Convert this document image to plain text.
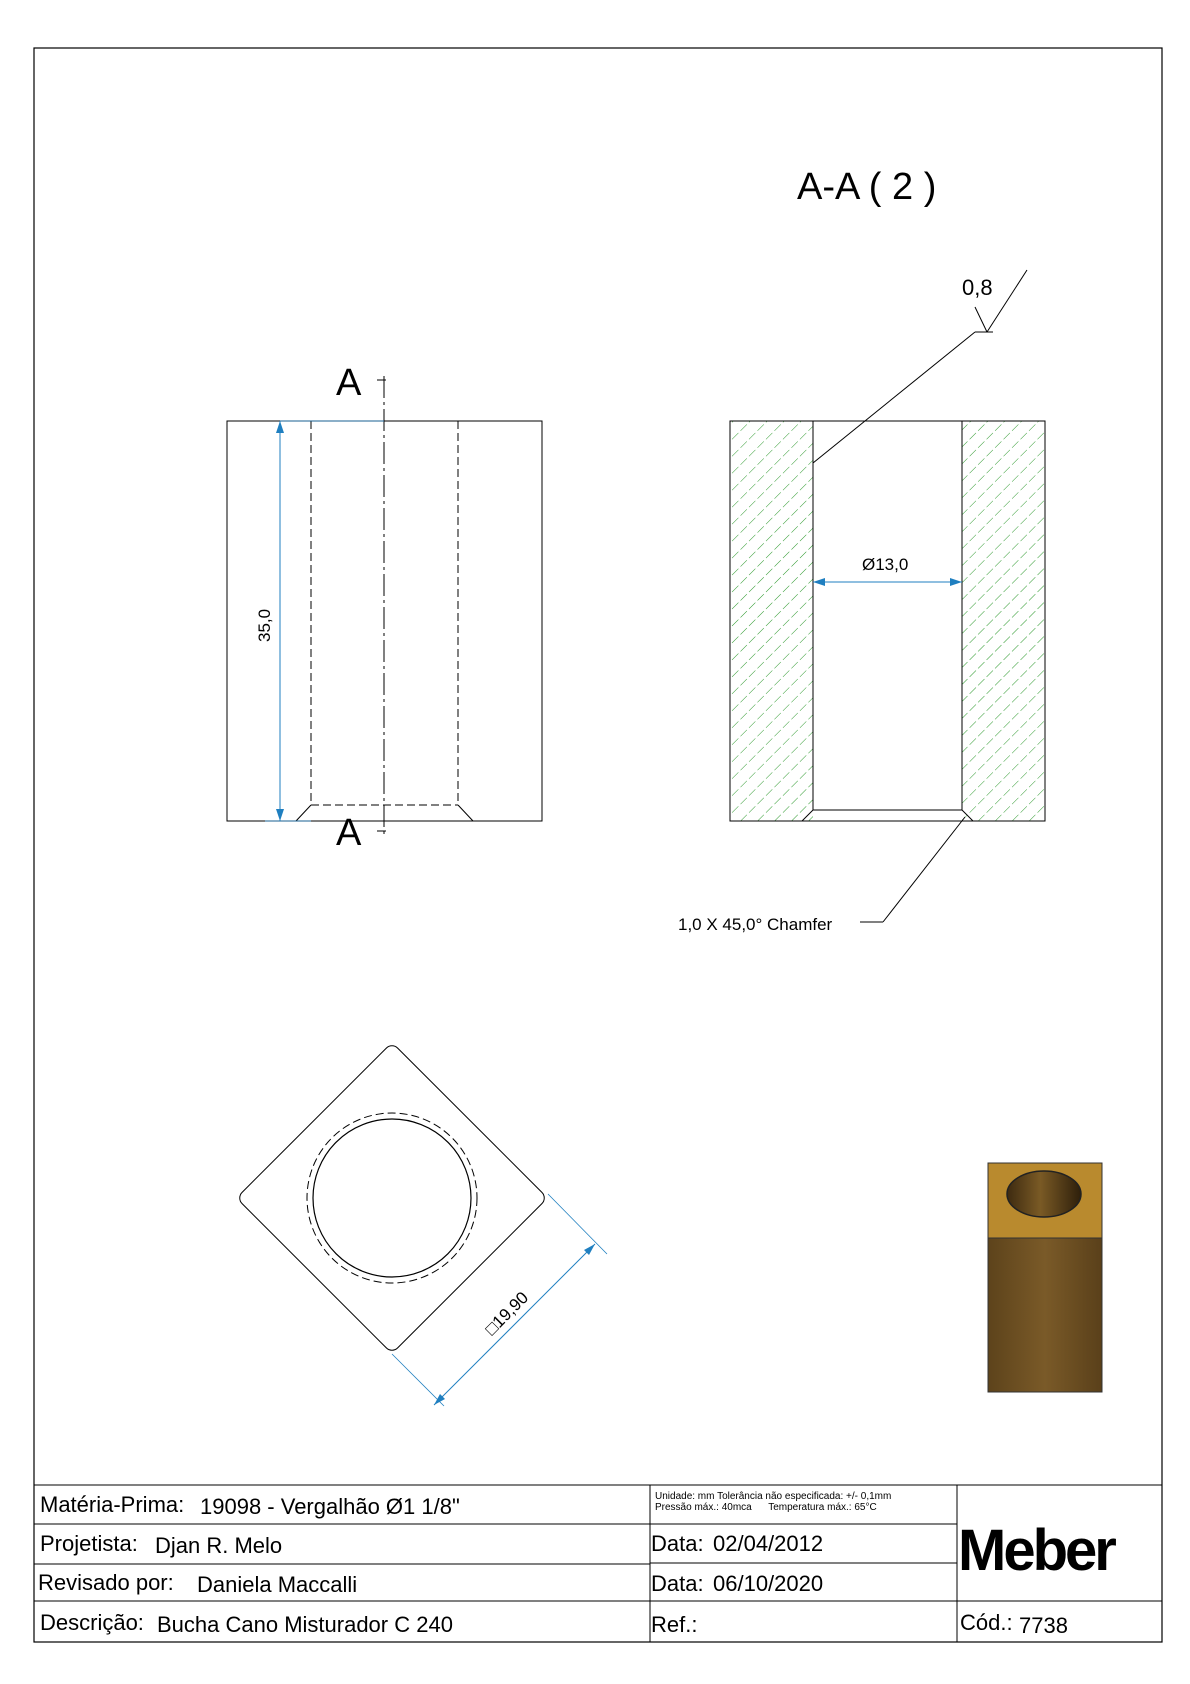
A
A
35,0
A-A ( 2 )
Ø13,0
0,8
1,0 X 45,0° Chamfer
□19,90
Matéria-Prima: 19098 - Vergalhão Ø1 1/8"	Unidade: mm Tolerância não especificada: +/- 0,1mm
Pressão máx.: 40mca      Temperatura máx.: 65°C
Projetista: Djan R. Melo	Data: 02/04/2012
Revisado por: Daniela Maccalli	Data: 06/10/2020
Descrição: Bucha Cano Misturador C 240	Ref.:	Cód.: 7738
Meber
